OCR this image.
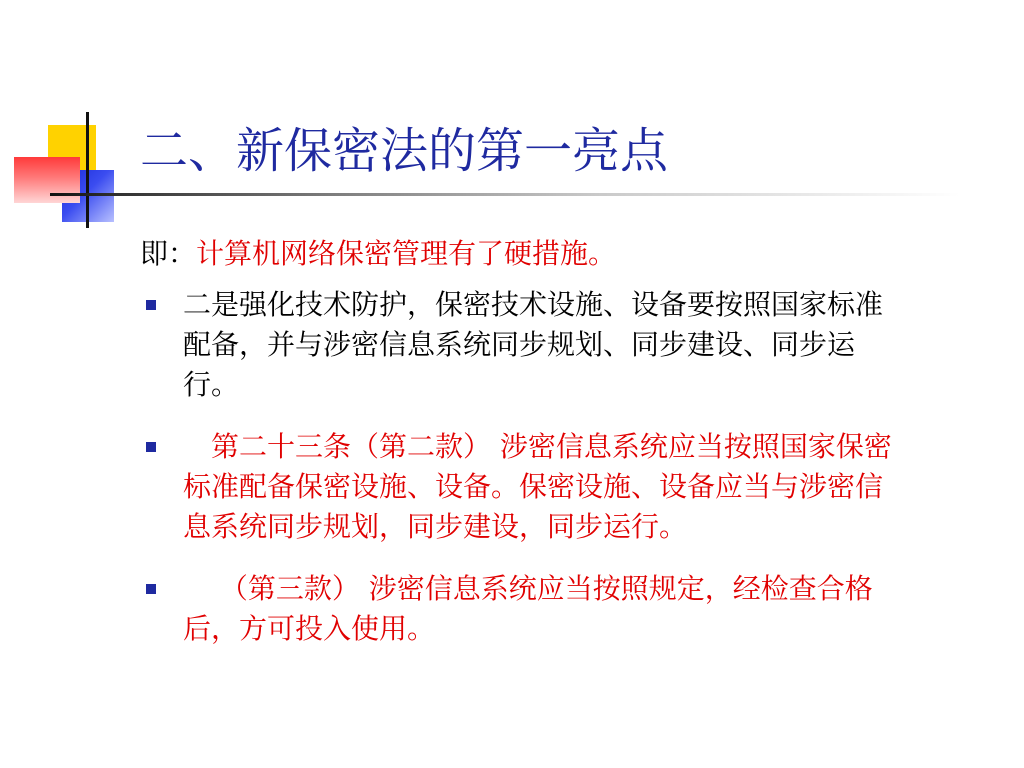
二、新保密法的第一亮点
即：计算机网络保密管理有了硬措施。
二是强化技术防护，保密技术设施、设备要按照国家标准配备，并与涉密信息系统同步规划、同步建设、同步运行。
　第二十三条（第二款） 涉密信息系统应当按照国家保密标准配备保密设施、设备。保密设施、设备应当与涉密信息系统同步规划，同步建设，同步运行。
　 （第三款） 涉密信息系统应当按照规定，经检查合格后，方可投入使用。
